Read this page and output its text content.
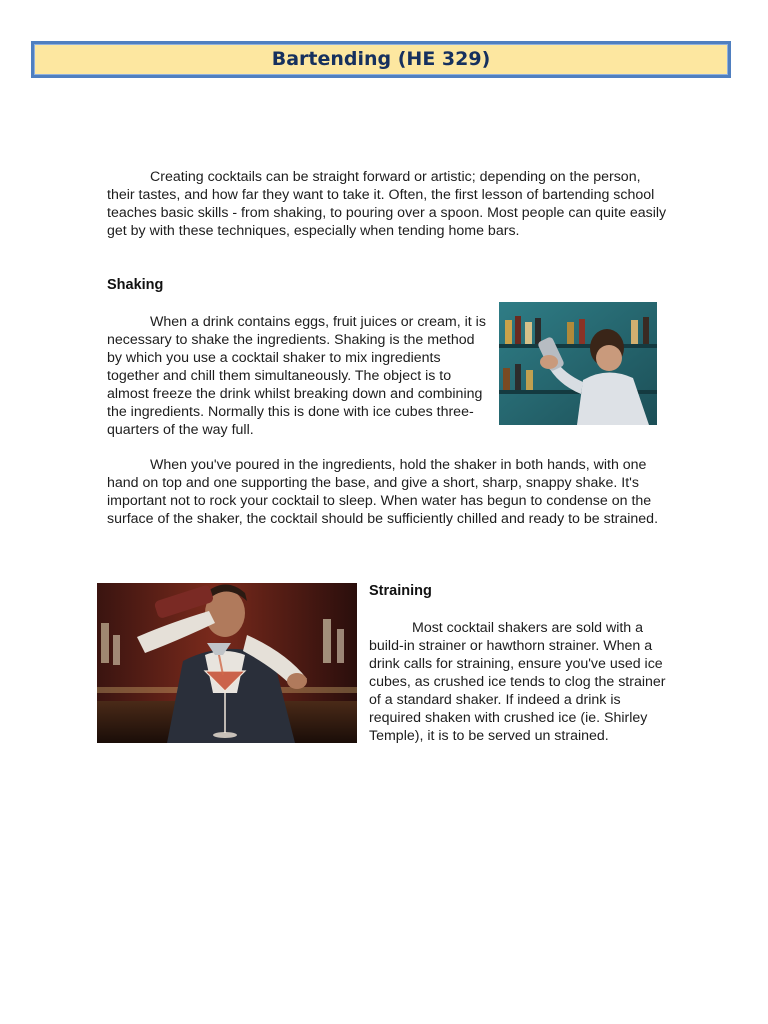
Bartending (HE 329)

Creating cocktails can be straight forward or artistic; depending on the person, their tastes, and how far they want to take it. Often, the first lesson of bartending school teaches basic skills - from shaking, to pouring over a spoon. Most people can quite easily get by with these techniques, especially when tending home bars.

Shaking

When a drink contains eggs, fruit juices or cream, it is necessary to shake the ingredients. Shaking is the method by which you use a cocktail shaker to mix ingredients together and chill them simultaneously. The object is to almost freeze the drink whilst breaking down and combining the ingredients. Normally this is done with ice cubes three-quarters of the way full.

When you've poured in the ingredients, hold the shaker in both hands, with one hand on top and one supporting the base, and give a short, sharp, snappy shake. It's important not to rock your cocktail to sleep. When water has begun to condense on the surface of the shaker, the cocktail should be sufficiently chilled and ready to be strained.

Straining

Most cocktail shakers are sold with a build-in strainer or hawthorn strainer. When a drink calls for straining, ensure you've used ice cubes, as crushed ice tends to clog the strainer of a standard shaker. If indeed a drink is required shaken with crushed ice (ie. Shirley Temple), it is to be served un strained.
